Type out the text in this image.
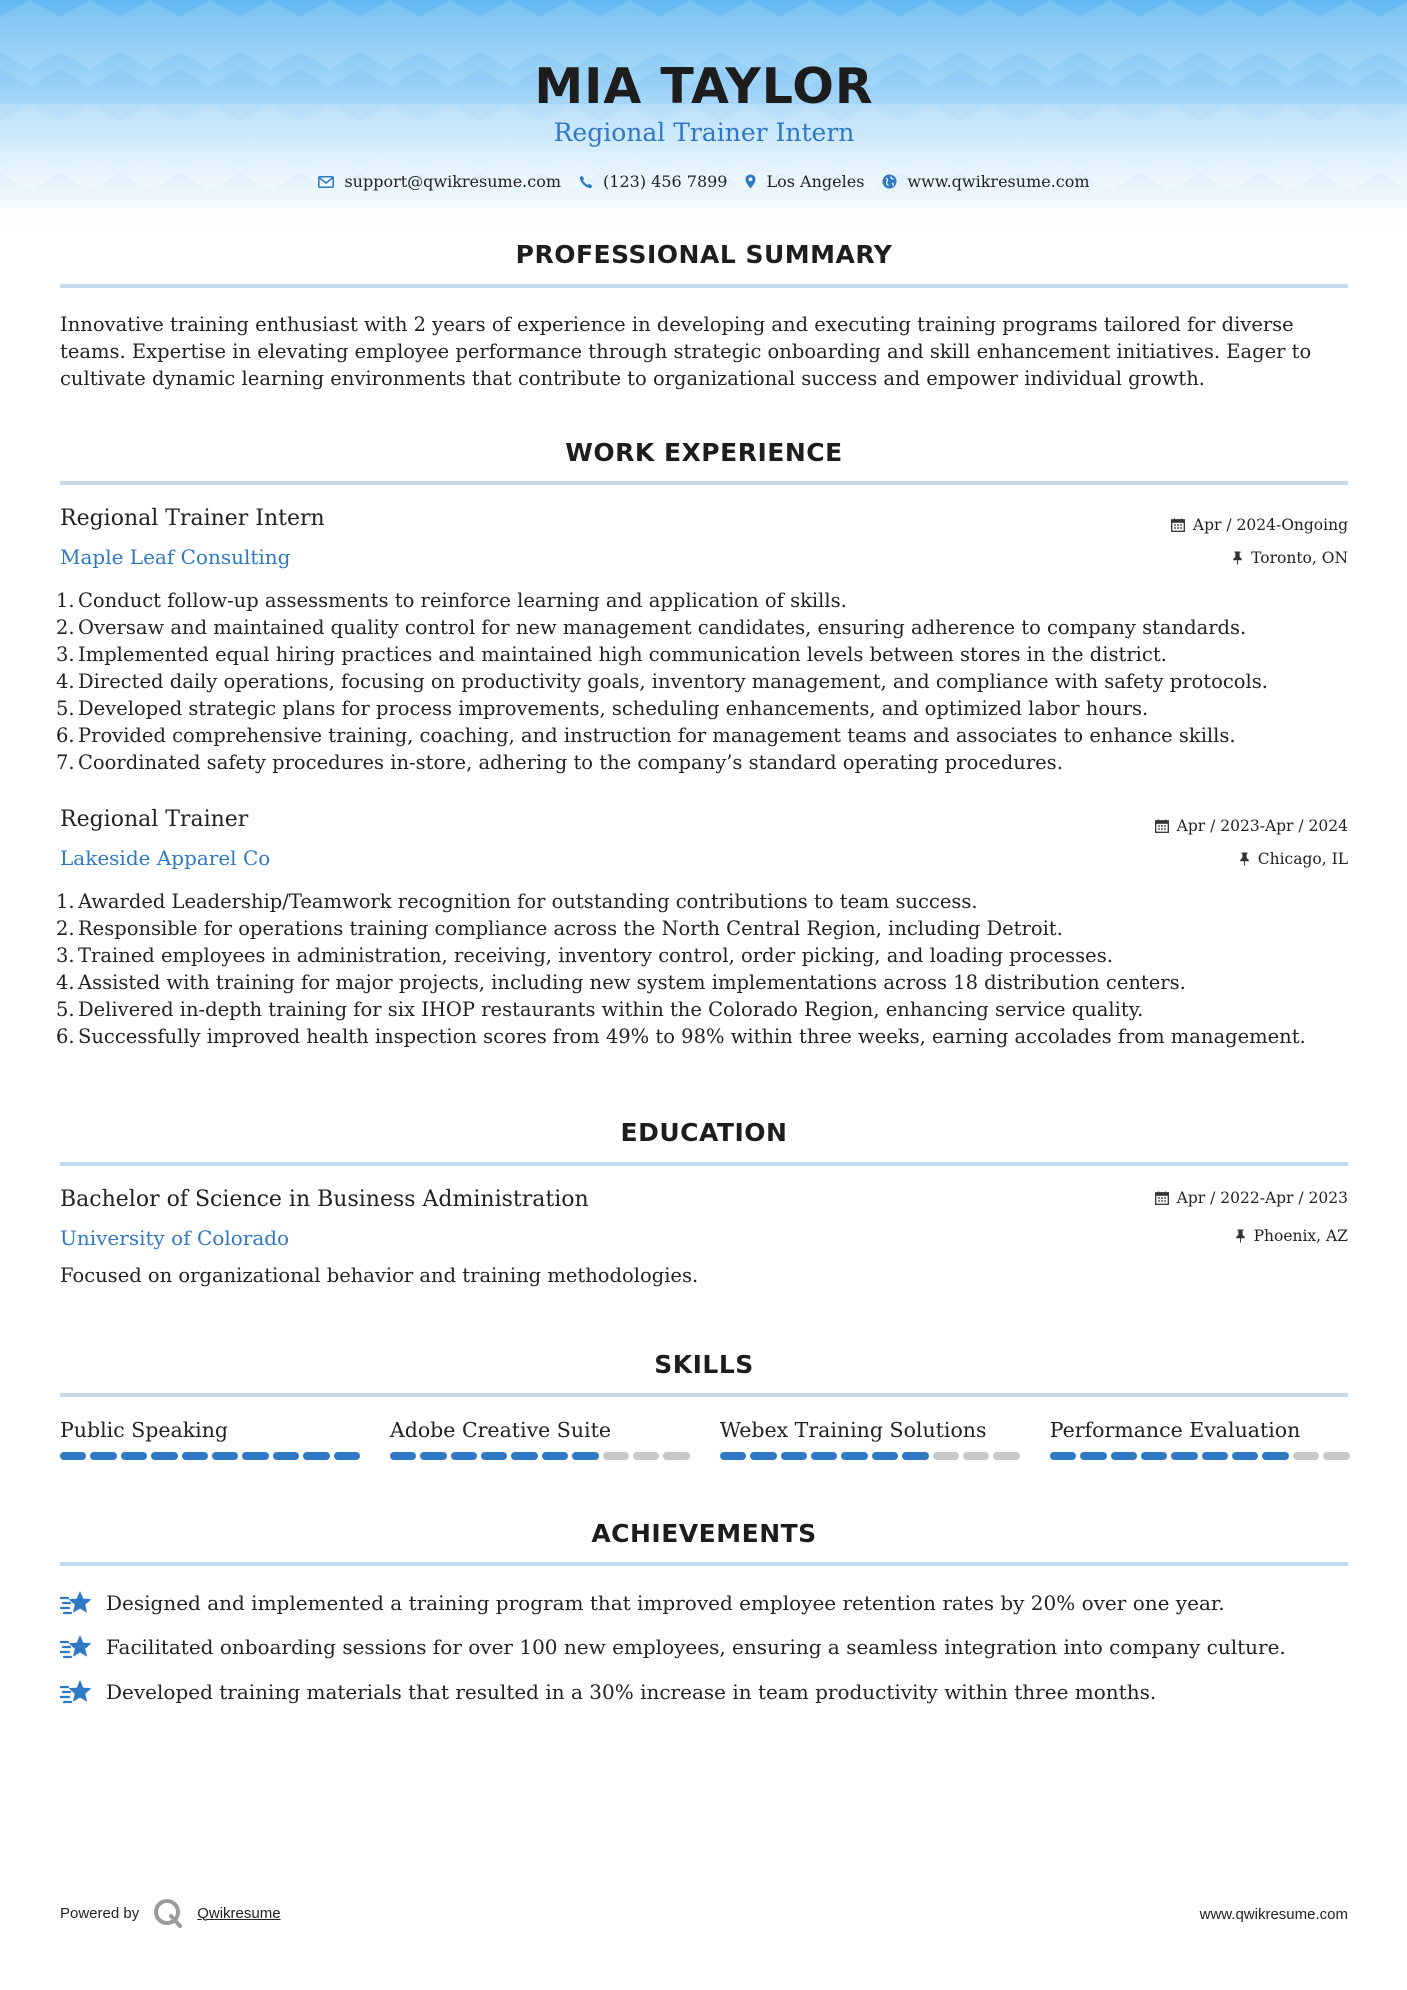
MIA TAYLOR
Regional Trainer Intern
support@qwikresume.com	(123) 456 7899 Los Angeles	www.qwikresume.com
PROFESSIONAL SUMMARY
Innovative training enthusiast with 2 years of experience in developing and executing training programs tailored for diverse
teams. Expertise in elevating employee performance through strategic onboarding and skill enhancement initiatives. Eager to
cultivate dynamic learning environments that contribute to organizational success and empower individual growth.
WORK EXPERIENCE
Regional Trainer Intern	Apr / 2024-Ongoing
Maple Leaf Consulting	Toronto, ON
1. Conduct follow-up assessments to reinforce learning and application of skills.
2. Oversaw and maintained quality control for new management candidates, ensuring adherence to company standards.
3. Implemented equal hiring practices and maintained high communication levels between stores in the district.
4. Directed daily operations, focusing on productivity goals, inventory management, and compliance with safety protocols.
5. Developed strategic plans for process improvements, scheduling enhancements, and optimized labor hours.
6. Provided comprehensive training, coaching, and instruction for management teams and associates to enhance skills.
7. Coordinated safety procedures in-store, adhering to the company’s standard operating procedures.
Regional Trainer	Apr / 2023-Apr / 2024
Lakeside Apparel Co	Chicago, IL
1. Awarded Leadership/Teamwork recognition for outstanding contributions to team success.
2. Responsible for operations training compliance across the North Central Region, including Detroit.
3. Trained employees in administration, receiving, inventory control, order picking, and loading processes.
4. Assisted with training for major projects, including new system implementations across 18 distribution centers.
5. Delivered in-depth training for six IHOP restaurants within the Colorado Region, enhancing service quality.
6. Successfully improved health inspection scores from 49% to 98% within three weeks, earning accolades from management.
EDUCATION
Bachelor of Science in Business Administration	Apr / 2022-Apr / 2023
University of Colorado	Phoenix, AZ
Focused on organizational behavior and training methodologies.
SKILLS
Public Speaking	Adobe Creative Suite	Webex Training Solutions	Performance Evaluation
ACHIEVEMENTS
Designed and implemented a training program that improved employee retention rates by 20% over one year.
Facilitated onboarding sessions for over 100 new employees, ensuring a seamless integration into company culture.
Developed training materials that resulted in a 30% increase in team productivity within three months.
Powered by	Qwikresume	www.qwikresume.com
